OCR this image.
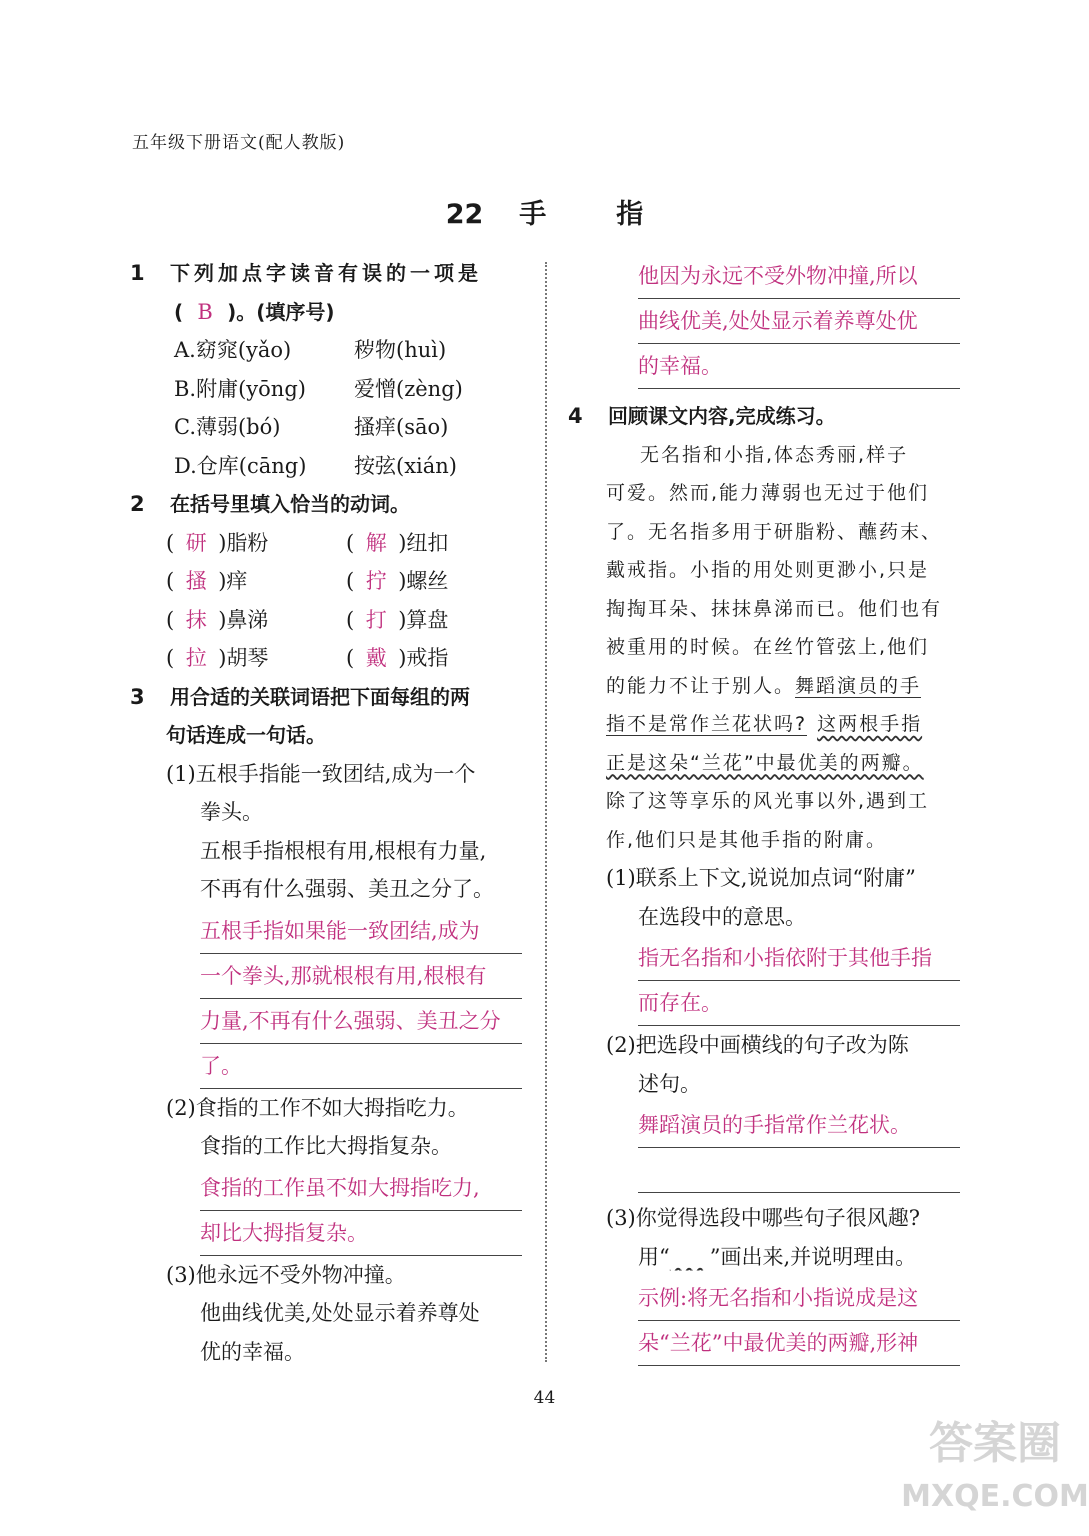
五年级下册语文(配人教版)
22 手	指
1 下列加点字读音有误的一项是
( B )。(填序号)
A.窈窕(yǎo)	秽物(huì)
B.附庸(yōng) 爱憎(zèng)
C.薄弱(bó)	搔痒(sāo)
D.仓库(cāng) 按弦(xián)
2 在括号里填入恰当的动词。
( 研 )脂粉	( 解 )纽扣
( 搔 )痒	( 拧 )螺丝
( 抹 )鼻涕	( 打 )算盘
( 拉 )胡琴	( 戴 )戒指
3 用合适的关联词语把下面每组的两
句话连成一句话。
(1)五根手指能一致团结,成为一个
拳头。
五根手指根根有用,根根有力量,
不再有什么强弱、美丑之分了。
五根手指如果能一致团结,成为
一个拳头,那就根根有用,根根有
力量,不再有什么强弱、美丑之分
了。
(2)食指的工作不如大拇指吃力。
食指的工作比大拇指复杂。
食指的工作虽不如大拇指吃力,
却比大拇指复杂。
(3)他永远不受外物冲撞。
他曲线优美,处处显示着养尊处
优的幸福。
他因为永远不受外物冲撞,所以
曲线优美,处处显示着养尊处优
的幸福。
4 回顾课文内容,完成练习。
无名指和小指,体态秀丽,样子
可爱。然而,能力薄弱也无过于他们
了。无名指多用于研脂粉、蘸药末、
戴戒指。小指的用处则更渺小,只是
掏掏耳朵、抹抹鼻涕而已。他们也有
被重用的时候。在丝竹管弦上,他们
的能力不让于别人。舞蹈演员的手
指不是常作兰花状吗? 这两根手指
正是这朵“兰花”中最优美的两瓣。
除了这等享乐的风光事以外,遇到工
作,他们只是其他手指的附庸。
(1)联系上下文,说说加点词“附庸”
在选段中的意思。
指无名指和小指依附于其他手指
而存在。
(2)把选段中画横线的句子改为陈
述句。
舞蹈演员的手指常作兰花状。
(3)你觉得选段中哪些句子很风趣?
用“ ”画出来,并说明理由。
示例:将无名指和小指说成是这
朵“兰花”中最优美的两瓣,形神
44
答案圈
MXQE.COM
